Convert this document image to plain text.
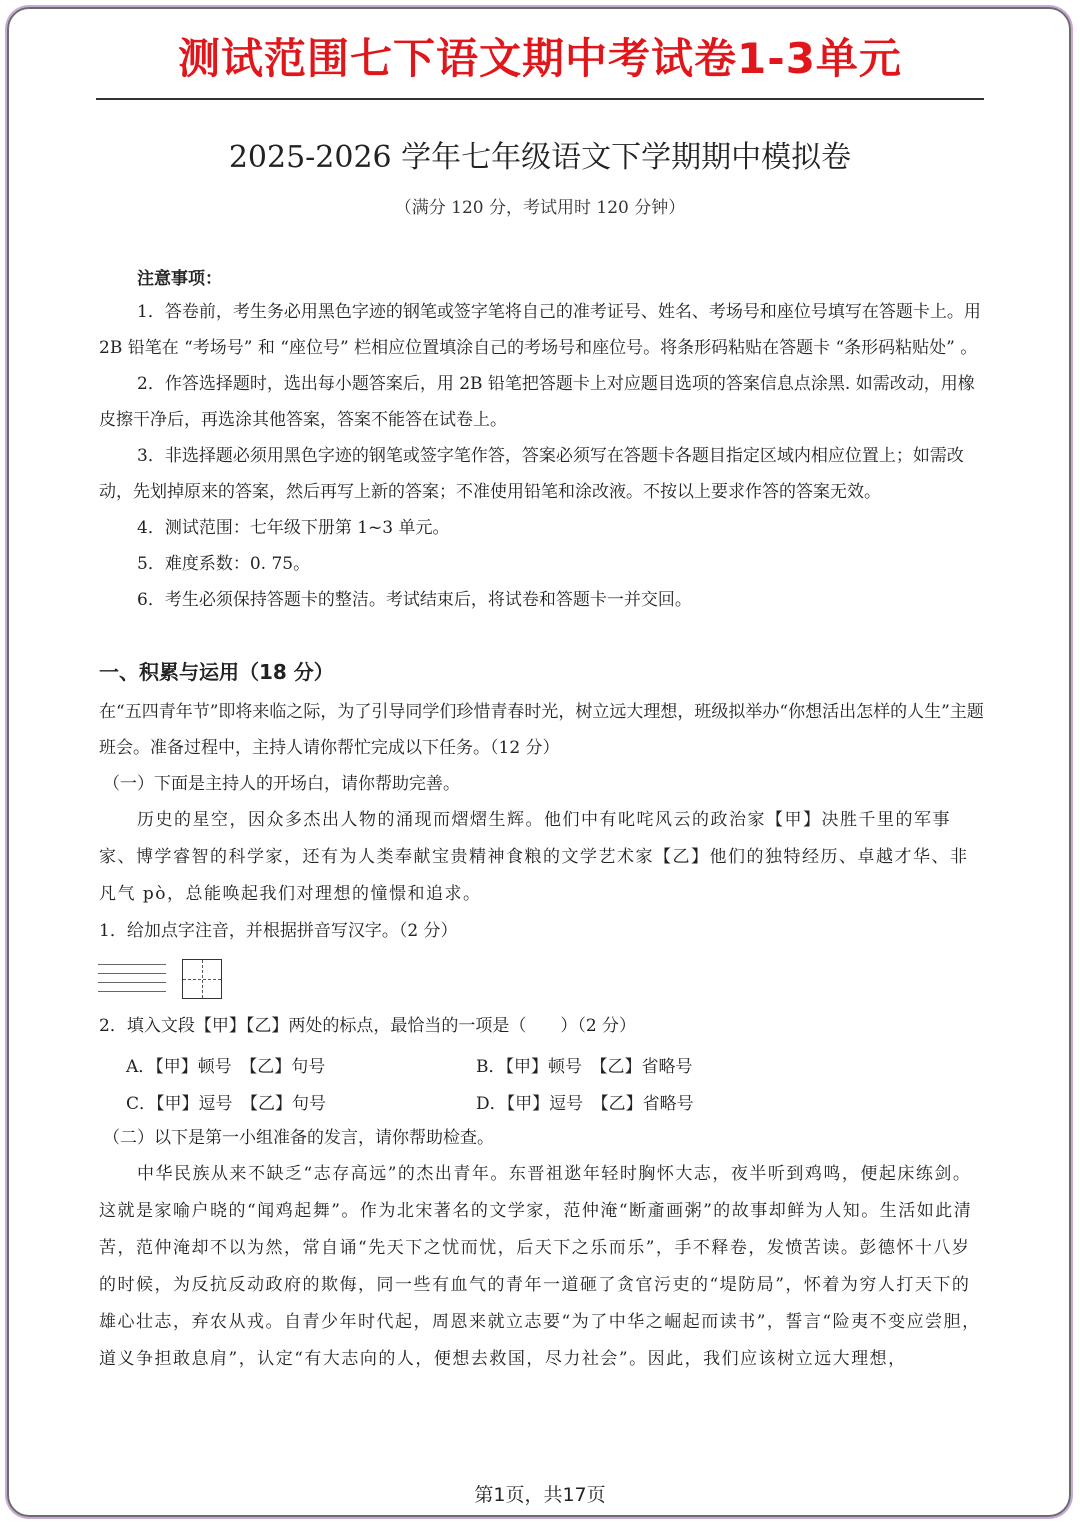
测试范围七下语文期中考试卷1-3单元
2025-2026 学年七年级语文下学期期中模拟卷
（满分 120 分，考试用时 120 分钟）
注意事项：

1．答卷前，考生务必用黑色字迹的钢笔或签字笔将自己的准考证号、姓名、考场号和座位号填写在答题卡上。用 2B 铅笔在 “考场号” 和 “座位号” 栏相应位置填涂自己的考场号和座位号。将条形码粘贴在答题卡 “条形码粘贴处” 。

2．作答选择题时，选出每小题答案后，用 2B 铅笔把答题卡上对应题目选项的答案信息点涂黑. 如需改动，用橡皮擦干净后，再选涂其他答案，答案不能答在试卷上。

3．非选择题必须用黑色字迹的钢笔或签字笔作答，答案必须写在答题卡各题目指定区域内相应位置上；如需改动，先划掉原来的答案，然后再写上新的答案；不准使用铅笔和涂改液。不按以上要求作答的答案无效。

4．测试范围：七年级下册第 1~3 单元。

5．难度系数：0. 75。

6．考生必须保持答题卡的整洁。考试结束后，将试卷和答题卡一并交回。

一、积累与运用（18 分）

在“五四青年节”即将来临之际，为了引导同学们珍惜青春时光，树立远大理想，班级拟举办“你想活出怎样的人生”主题班会。准备过程中，主持人请你帮忙完成以下任务。（12 分）

（一）下面是主持人的开场白，请你帮助完善。

历史的星空，因众多杰出人物的涌现而熠熠生辉。他们中有叱咤风云的政治家【甲】决胜千里的军事家、博学睿智的科学家，还有为人类奉献宝贵精神食粮的文学艺术家【乙】他们的独特经历、卓越才华、非凡气 pò，总能唤起我们对理想的憧憬和追求。

1．给加点字注音，并根据拼音写汉字。（2 分）

2．填入文段【甲】【乙】两处的标点，最恰当的一项是（　　）（2 分）

A．【甲】顿号　【乙】句号	B．【甲】顿号　【乙】省略号
C．【甲】逗号　【乙】句号	D．【甲】逗号　【乙】省略号

（二）以下是第一小组准备的发言，请你帮助检查。

中华民族从来不缺乏“志存高远”的杰出青年。东晋祖逖年轻时胸怀大志，夜半听到鸡鸣，便起床练剑。这就是家喻户晓的“闻鸡起舞”。作为北宋著名的文学家，范仲淹“断齑画粥”的故事却鲜为人知。生活如此清苦，范仲淹却不以为然，常自诵“先天下之忧而忧，后天下之乐而乐”，手不释卷，发愤苦读。彭德怀十八岁的时候，为反抗反动政府的欺侮，同一些有血气的青年一道砸了贪官污吏的“堤防局”，怀着为穷人打天下的雄心壮志，弃农从戎。自青少年时代起，周恩来就立志要“为了中华之崛起而读书”，誓言“险夷不变应尝胆，道义争担敢息肩”，认定“有大志向的人，便想去救国，尽力社会”。因此，我们应该树立远大理想，

第1页，共17页
